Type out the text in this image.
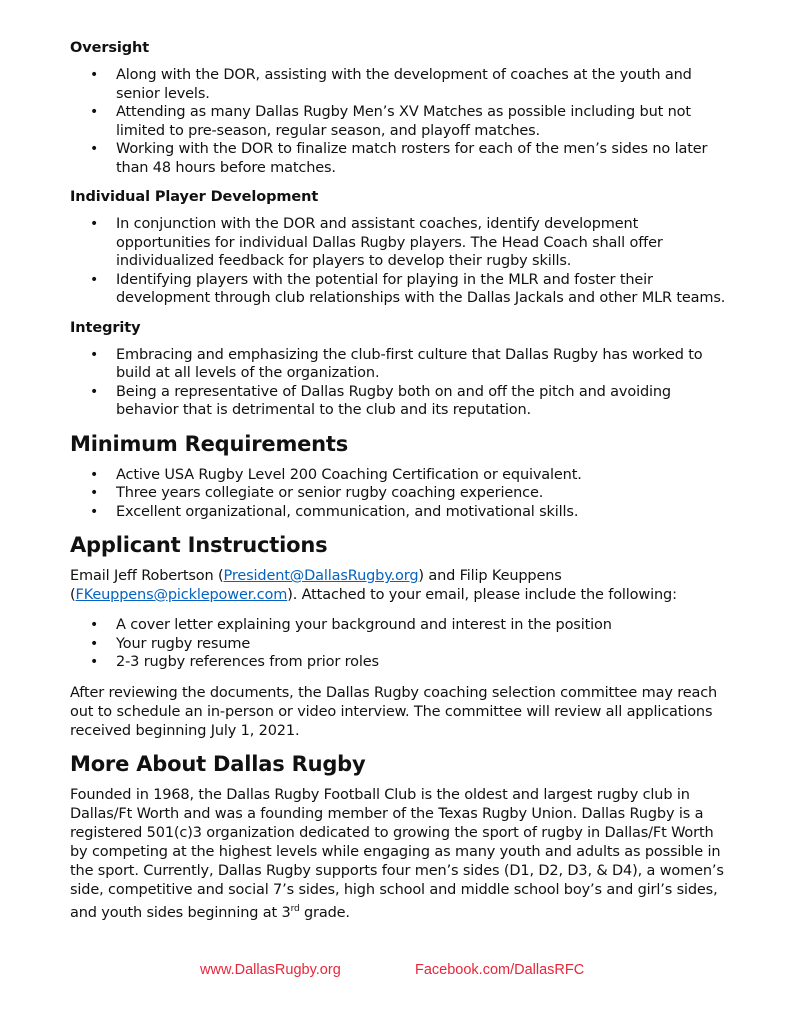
Oversight
• Along with the DOR, assisting with the development of coaches at the youth and senior levels.
• Attending as many Dallas Rugby Men’s XV Matches as possible including but not limited to pre-season, regular season, and playoff matches.
• Working with the DOR to finalize match rosters for each of the men’s sides no later than 48 hours before matches.
Individual Player Development
• In conjunction with the DOR and assistant coaches, identify development opportunities for individual Dallas Rugby players. The Head Coach shall offer individualized feedback for players to develop their rugby skills.
• Identifying players with the potential for playing in the MLR and foster their development through club relationships with the Dallas Jackals and other MLR teams.
Integrity
• Embracing and emphasizing the club-first culture that Dallas Rugby has worked to build at all levels of the organization.
• Being a representative of Dallas Rugby both on and off the pitch and avoiding behavior that is detrimental to the club and its reputation.
Minimum Requirements
• Active USA Rugby Level 200 Coaching Certification or equivalent.
• Three years collegiate or senior rugby coaching experience.
• Excellent organizational, communication, and motivational skills.
Applicant Instructions

Email Jeff Robertson (President@DallasRugby.org) and Filip Keuppens (FKeuppens@picklepower.com). Attached to your email, please include the following:

• A cover letter explaining your background and interest in the position
• Your rugby resume
• 2-3 rugby references from prior roles

After reviewing the documents, the Dallas Rugby coaching selection committee may reach out to schedule an in-person or video interview. The committee will review all applications received beginning July 1, 2021.

More About Dallas Rugby

Founded in 1968, the Dallas Rugby Football Club is the oldest and largest rugby club in Dallas/Ft Worth and was a founding member of the Texas Rugby Union. Dallas Rugby is a registered 501(c)3 organization dedicated to growing the sport of rugby in Dallas/Ft Worth by competing at the highest levels while engaging as many youth and adults as possible in the sport. Currently, Dallas Rugby supports four men’s sides (D1, D2, D3, & D4), a women’s side, competitive and social 7’s sides, high school and middle school boy’s and girl’s sides, and youth sides beginning at 3rd grade.

www.DallasRugby.org	Facebook.com/DallasRFC
